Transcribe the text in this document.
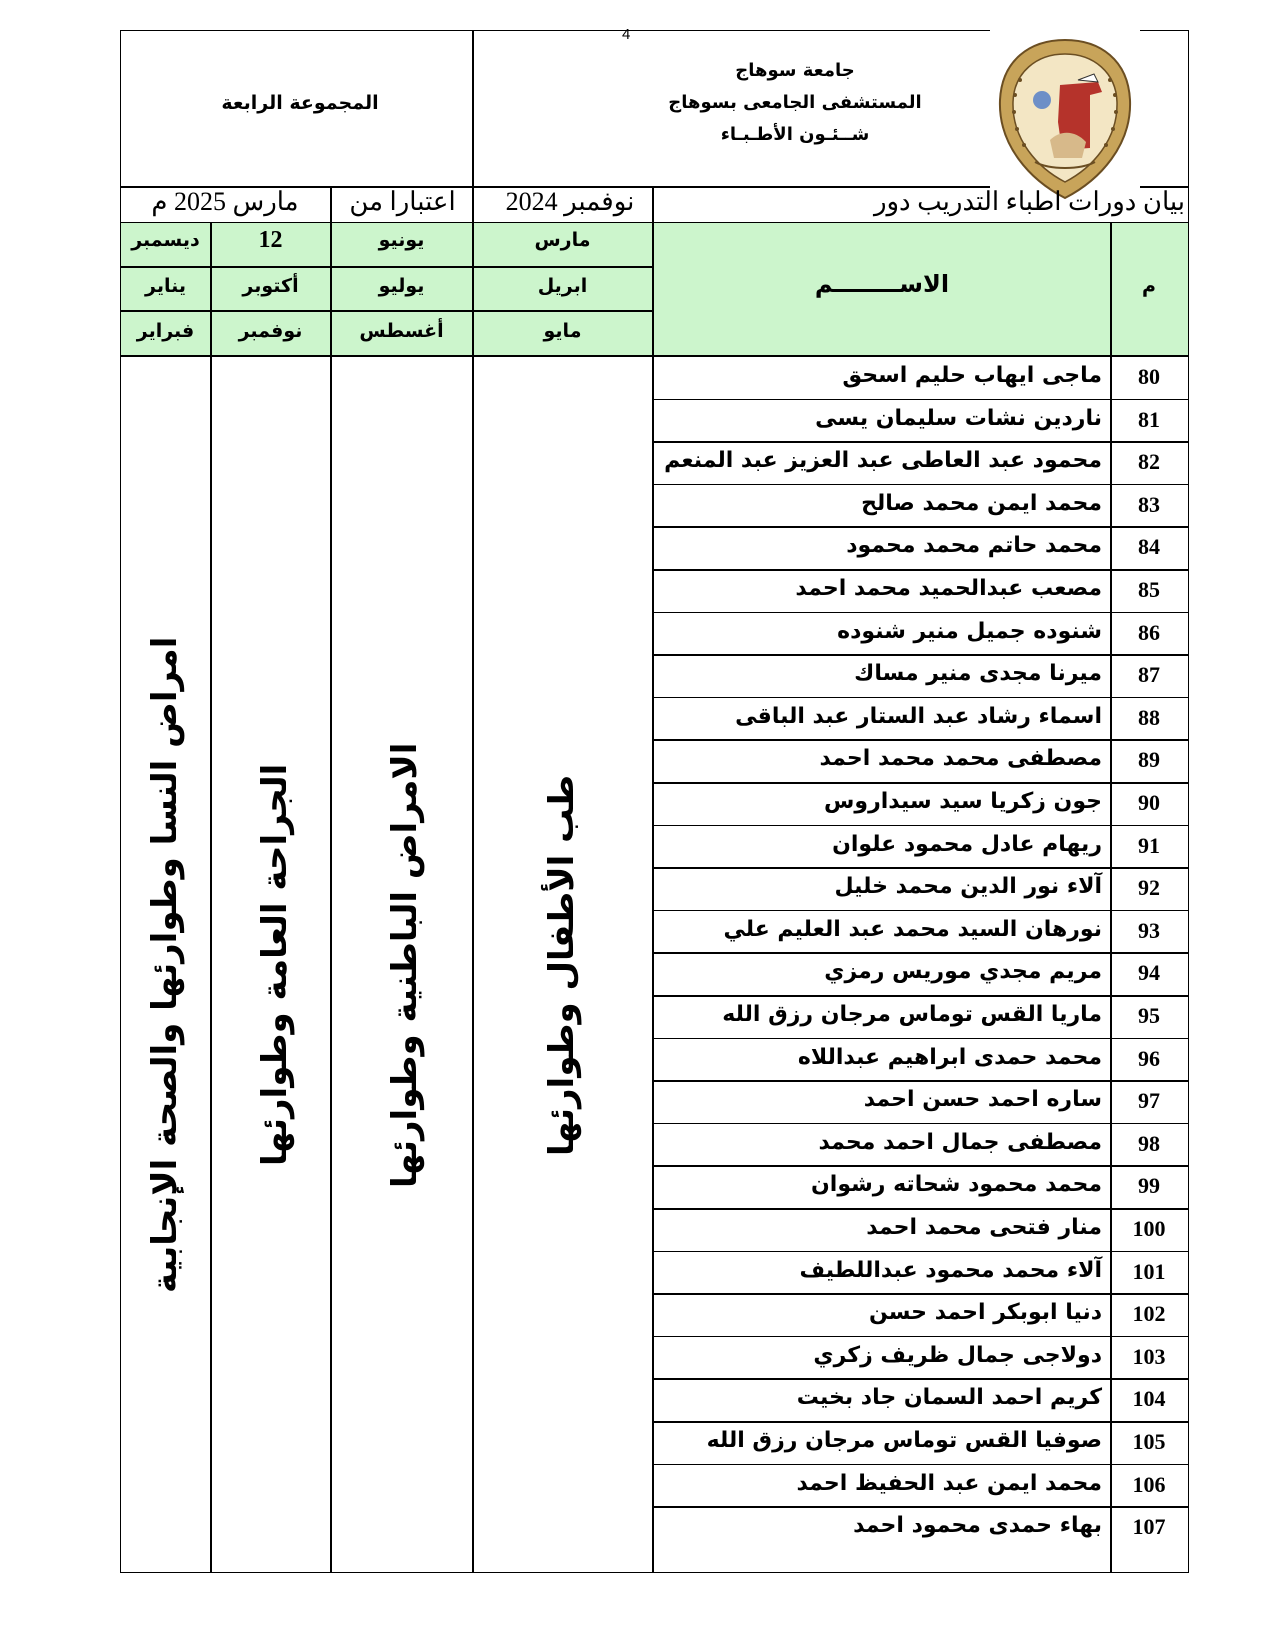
4
جامعة سوهاج
المستشفى الجامعى بسوهاج
شــئـون الأطـبـاء
المجموعة الرابعة
بيان دورات اطباء التدريب دور
نوفمبر 2024
اعتبارا من
مارس 2025 م
م
الاســــــــم
مارس
ابريل
مايو
يونيو
يوليو
أغسطس
12
أكتوبر
نوفمبر
ديسمبر
يناير
فبراير
طب الأطفال وطوارئها
الامراض الباطنية وطوارئها
الجراحة العامة وطوارئها
امراض النسا وطوارئها والصحة الإنجابية
80
ماجى ايهاب حليم اسحق
81
ناردين نشات سليمان يسى
82
محمود عبد العاطى عبد العزيز عبد المنعم
83
محمد ايمن محمد صالح
84
محمد حاتم محمد محمود
85
مصعب عبدالحميد محمد احمد
86
شنوده جميل منير شنوده
87
ميرنا مجدى منير مساك
88
اسماء رشاد عبد الستار عبد الباقى
89
مصطفى محمد محمد احمد
90
جون زكريا سيد سيداروس
91
ريهام عادل محمود علوان
92
آلاء نور الدين محمد خليل
93
نورهان السيد محمد عبد العليم علي
94
مريم مجدي موريس رمزي
95
ماريا القس توماس مرجان رزق الله
96
محمد حمدى ابراهيم عبداللاه
97
ساره احمد حسن احمد
98
مصطفى جمال احمد محمد
99
محمد محمود شحاته رشوان
100
منار فتحى محمد احمد
101
آلاء محمد محمود عبداللطيف
102
دنيا ابوبكر احمد حسن
103
دولاجى جمال ظريف زكري
104
كريم احمد السمان جاد بخيت
105
صوفيا القس توماس مرجان رزق الله
106
محمد ايمن عبد الحفيظ احمد
107
بهاء حمدى محمود احمد
